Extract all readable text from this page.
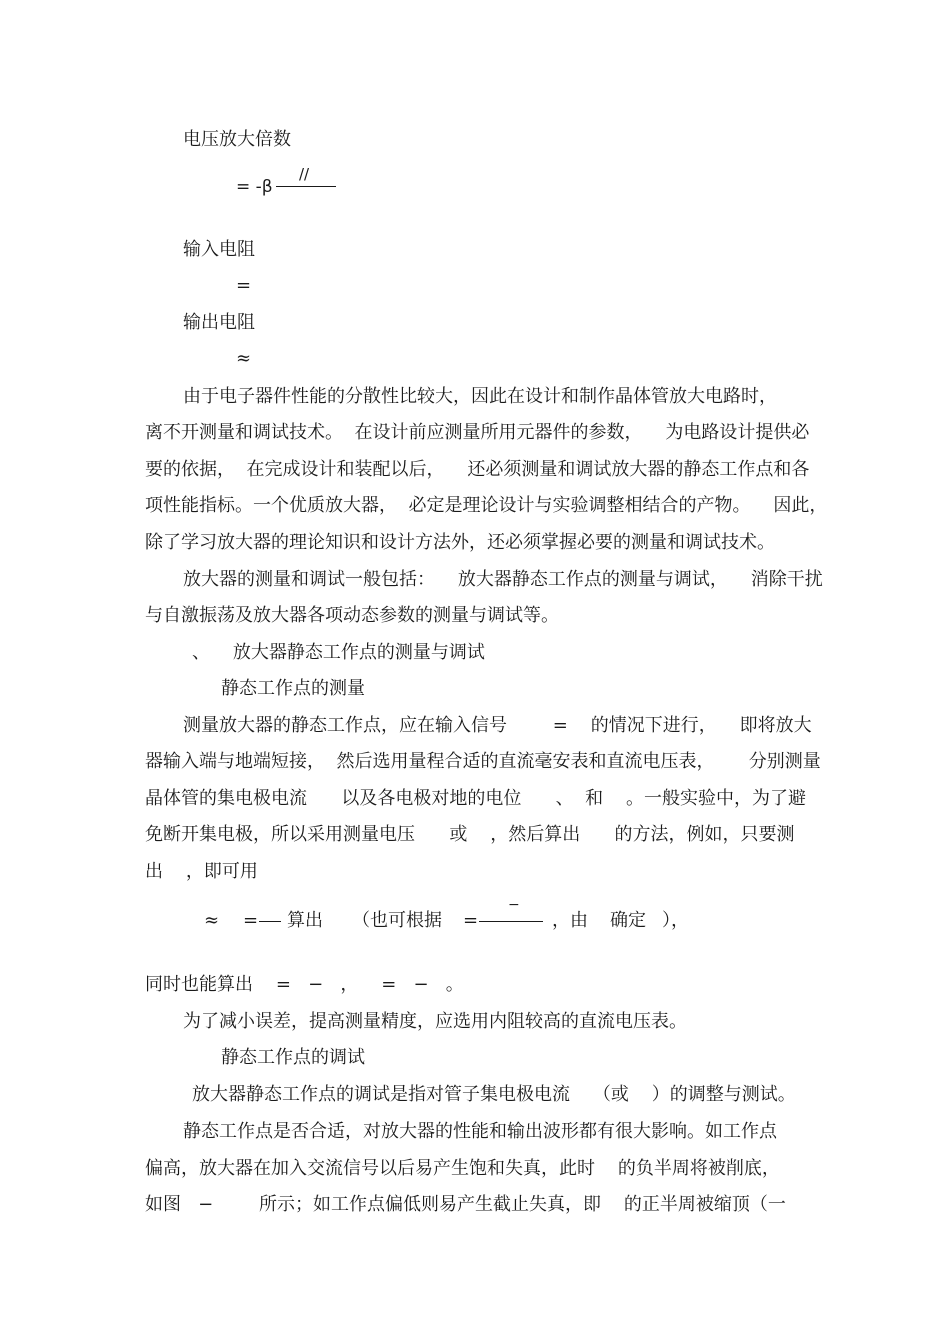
电压放大倍数
= -β
//
输入电阻
=
输出电阻
≈
由于电子器件性能的分散性比较大，因此在设计和制作晶体管放大电路时，
离不开测量和调试技术。  在设计前应测量所用元器件的参数，    为电路设计提供必
要的依据，  在完成设计和装配以后，    还必须测量和调试放大器的静态工作点和各
项性能指标。一个优质放大器，  必定是理论设计与实验调整相结合的产物。    因此，
除了学习放大器的理论知识和设计方法外，还必须掌握必要的测量和调试技术。
放大器的测量和调试一般包括：    放大器静态工作点的测量与调试，    消除干扰
与自激振荡及放大器各项动态参数的测量与调试等。
、    放大器静态工作点的测量与调试
静态工作点的测量
测量放大器的静态工作点，应在输入信号        =    的情况下进行，    即将放大
器输入端与地端短接，  然后选用量程合适的直流毫安表和直流电压表，      分别测量
晶体管的集电极电流      以及各电极对地的电位      、  和    。一般实验中，为了避
免断开集电极，所以采用测量电压      或    ，然后算出      的方法，例如，只要测
出    ，即可用
≈ = 算出 （也可根据 =
−
，由 确定 ），
同时也能算出    =   −   ，    =   −   。
为了减小误差，提高测量精度，应选用内阻较高的直流电压表。
静态工作点的调试
放大器静态工作点的调试是指对管子集电极电流    （或    ）的调整与测试。
静态工作点是否合适，对放大器的性能和输出波形都有很大影响。如工作点
偏高，放大器在加入交流信号以后易产生饱和失真，此时    的负半周将被削底，
如图   −        所示；如工作点偏低则易产生截止失真，即    的正半周被缩顶（一
